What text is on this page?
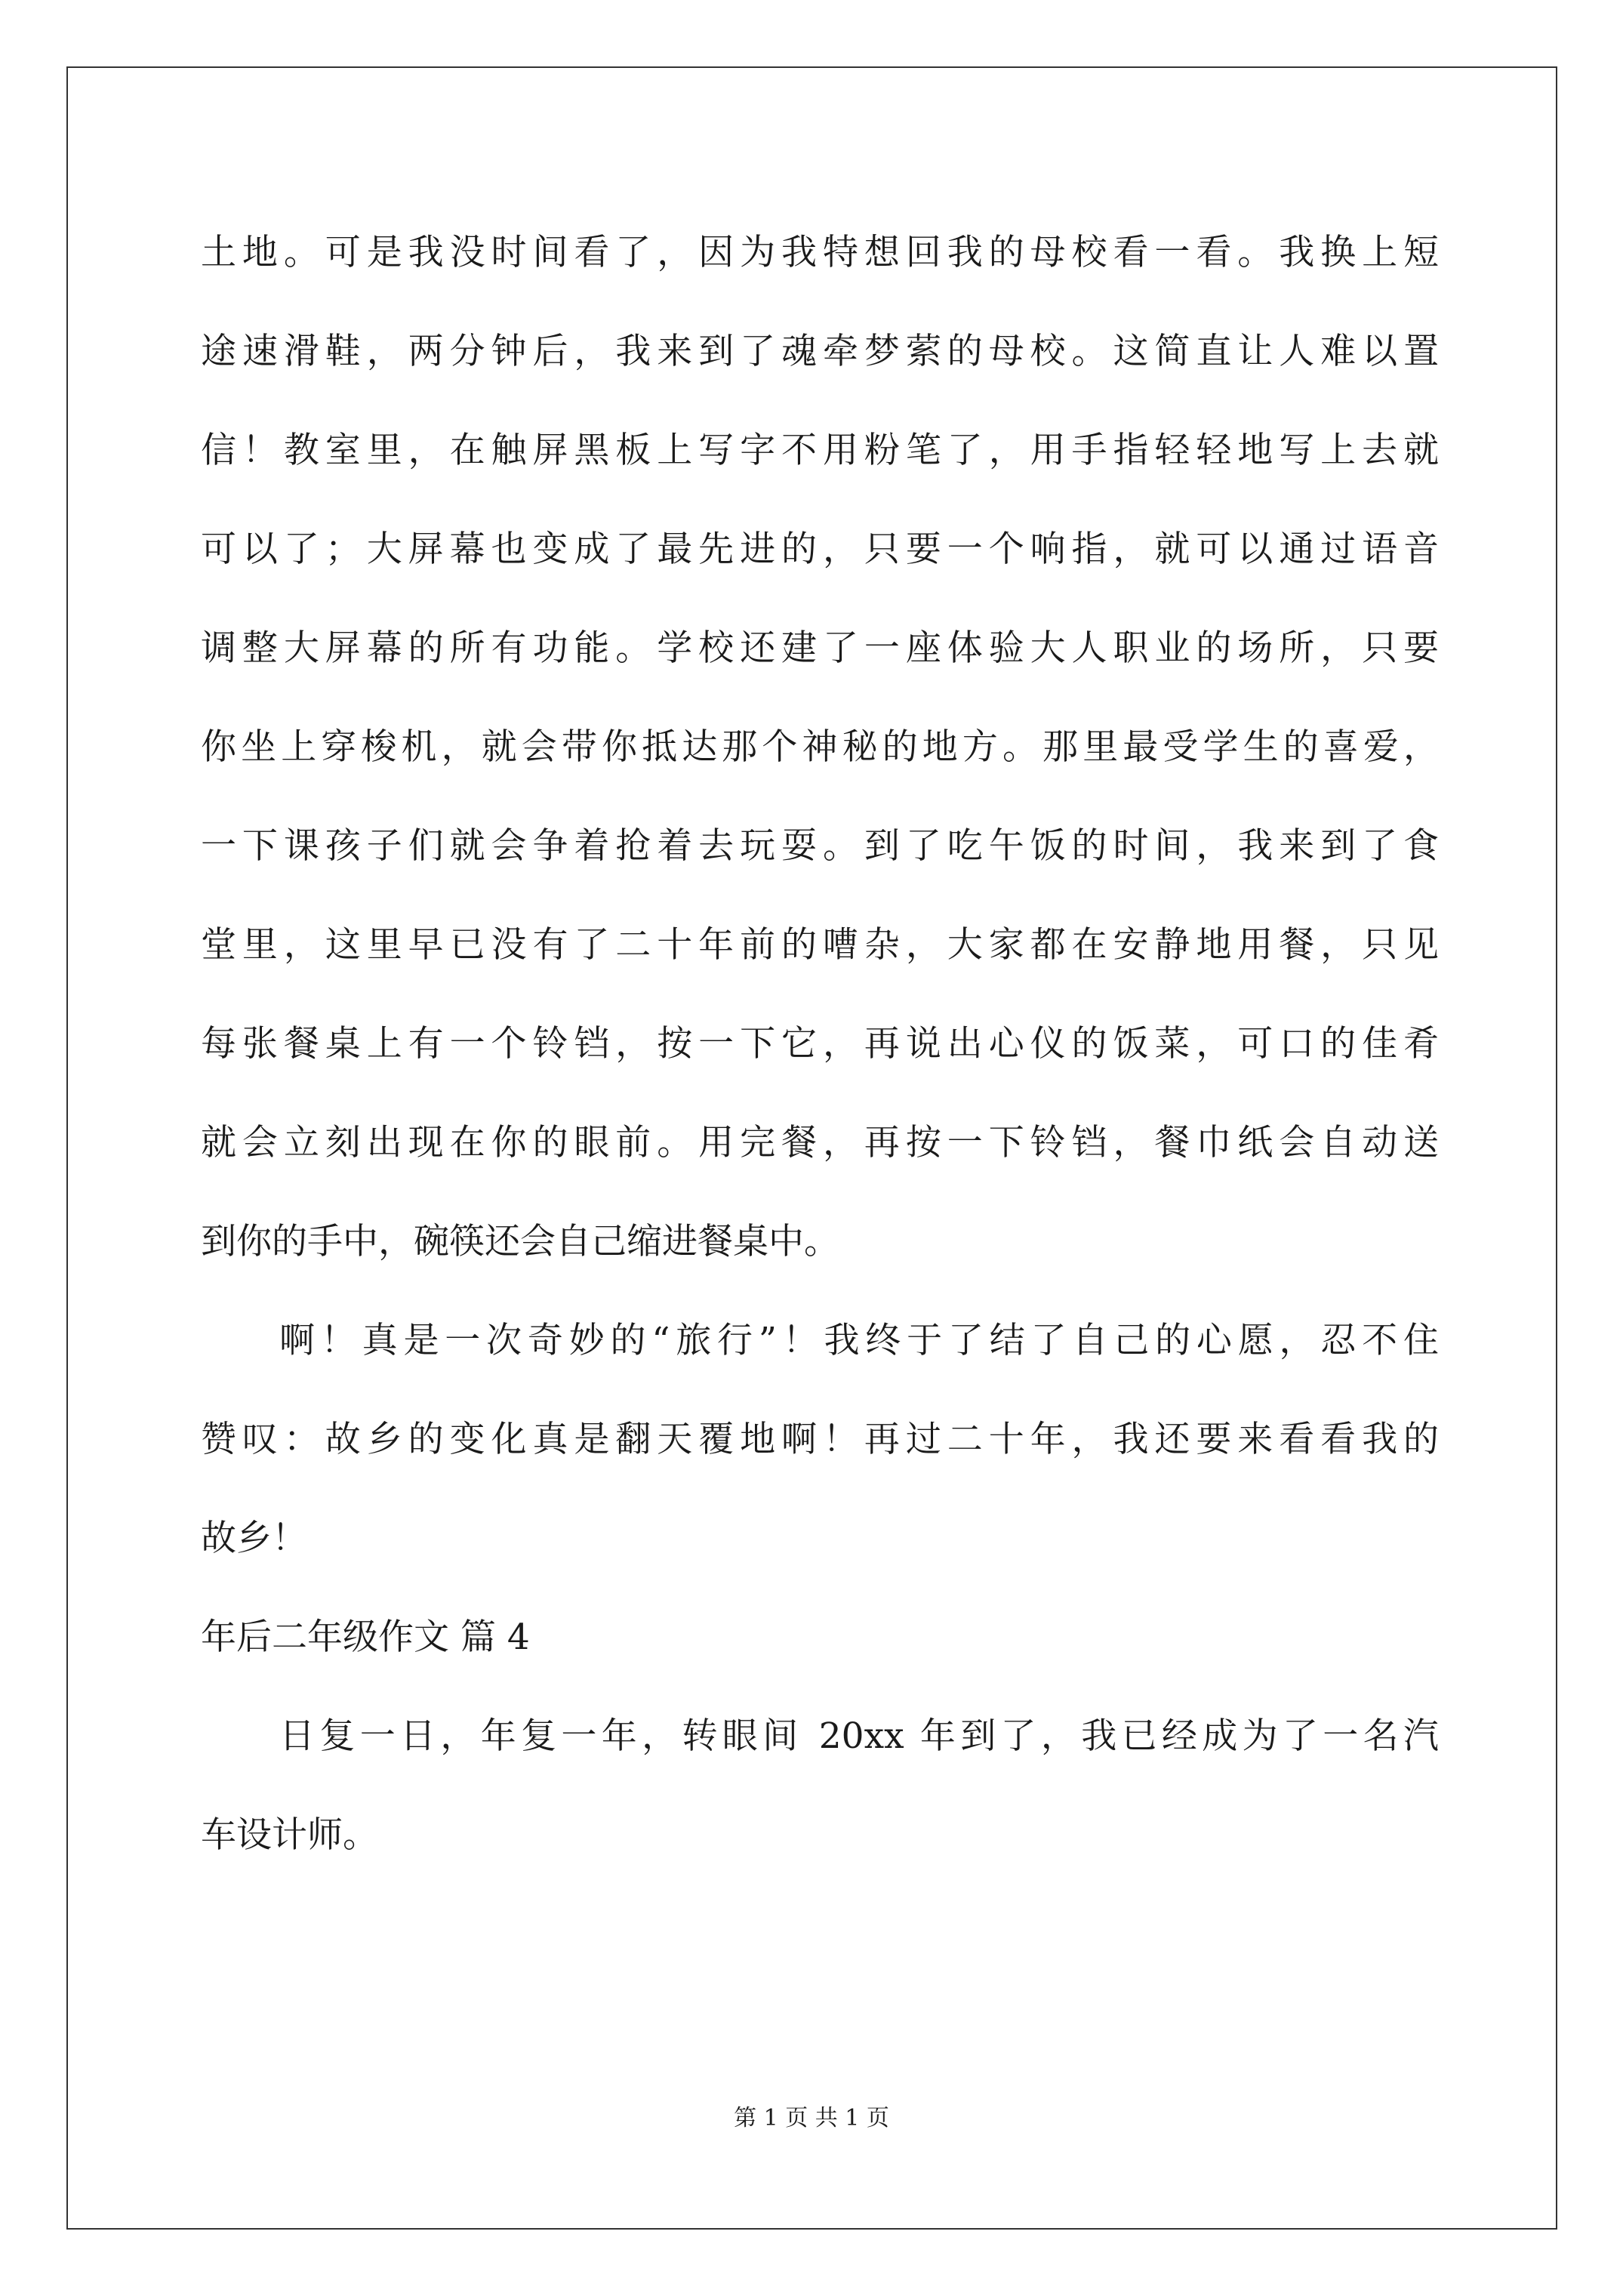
土地。可是我没时间看了，因为我特想回我的母校看一看。我换上短
途速滑鞋，两分钟后，我来到了魂牵梦萦的母校。这简直让人难以置
信！教室里，在触屏黑板上写字不用粉笔了，用手指轻轻地写上去就
可以了；大屏幕也变成了最先进的，只要一个响指，就可以通过语音
调整大屏幕的所有功能。学校还建了一座体验大人职业的场所，只要
你坐上穿梭机，就会带你抵达那个神秘的地方。那里最受学生的喜爱，
一下课孩子们就会争着抢着去玩耍。到了吃午饭的时间，我来到了食
堂里，这里早已没有了二十年前的嘈杂，大家都在安静地用餐，只见
每张餐桌上有一个铃铛，按一下它，再说出心仪的饭菜，可口的佳肴
就会立刻出现在你的眼前。用完餐，再按一下铃铛，餐巾纸会自动送
到你的手中，碗筷还会自己缩进餐桌中。
啊！真是一次奇妙的“旅行”！我终于了结了自己的心愿，忍不住
赞叹：故乡的变化真是翻天覆地啊！再过二十年，我还要来看看我的
故乡！
年后二年级作文 篇 4
日复一日，年复一年，转眼间 20xx 年到了，我已经成为了一名汽
车设计师。
第 1 页 共 1 页
